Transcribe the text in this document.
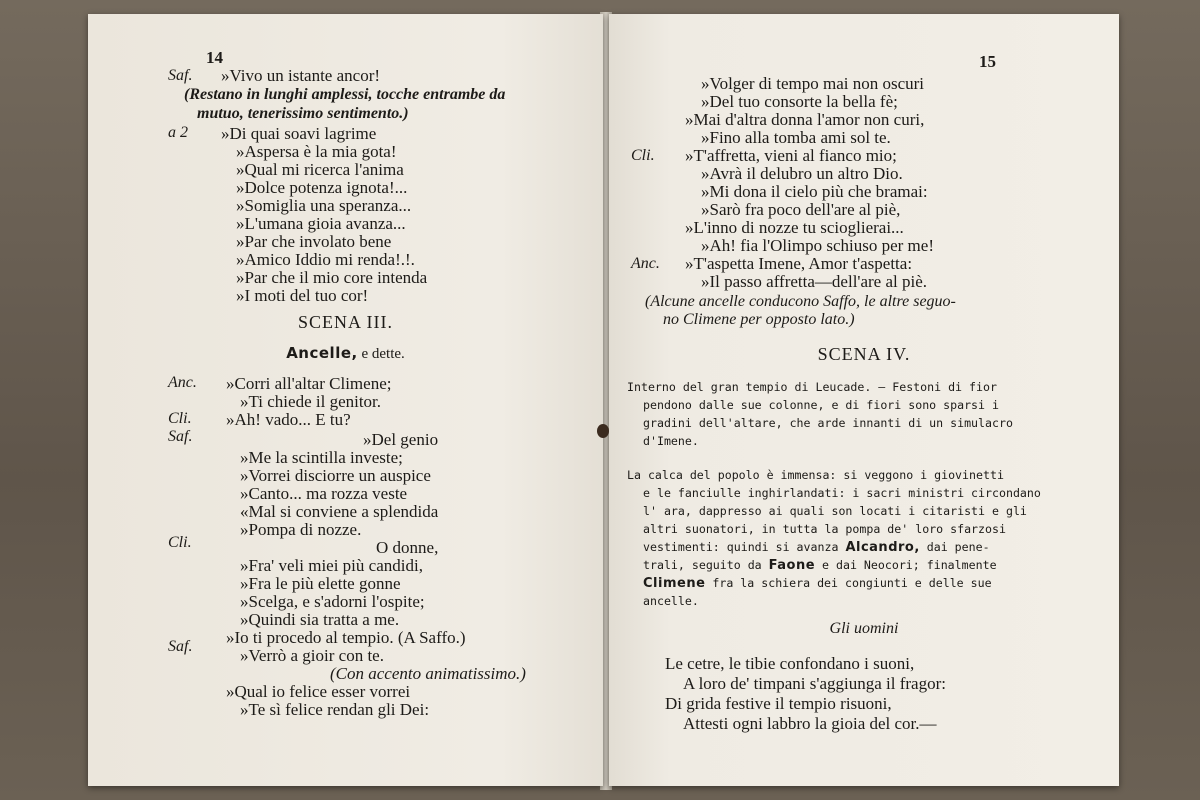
14
Saf. »Vivo un istante ancor!
(Restano in lunghi amplessi, tocche entrambe da
mutuo, tenerissimo sentimento.)
a 2 »Di quai soavi lagrime
»Aspersa è la mia gota!
»Qual mi ricerca l'anima
»Dolce potenza ignota!...
»Somiglia una speranza...
»L'umana gioia avanza...
»Par che involato bene
»Amico Iddio mi renda!.!.
»Par che il mio core intenda
»I moti del tuo cor!
SCENA III.
Ancelle, e dette.
Anc. »Corri all'altar Climene;
»Ti chiede il genitor.
Cli. »Ah! vado... E tu?
Saf.	»Del genio
»Me la scintilla investe;
»Vorrei disciorre un auspice
»Canto... ma rozza veste
«Mal si conviene a splendida
»Pompa di nozze.
Cli.	O donne,
»Fra' veli miei più candidi,
»Fra le più elette gonne
»Scelga, e s'adorni l'ospite;
»Quindi sia tratta a me.
»Io ti procedo al tempio. (A Saffo.)
Saf.	»Verrò a gioir con te.
(Con accento animatissimo.)
»Qual io felice esser vorrei
»Te sì felice rendan gli Dei:
15
»Volger di tempo mai non oscuri
»Del tuo consorte la bella fè;
»Mai d'altra donna l'amor non curi,
»Fino alla tomba ami sol te.
Cli. »T'affretta, vieni al fianco mio;
»Avrà il delubro un altro Dio.
»Mi dona il cielo più che bramai:
»Sarò fra poco dell'are al piè,
»L'inno di nozze tu scioglierai...
»Ah! fia l'Olimpo schiuso per me!
Anc. »T'aspetta Imene, Amor t'aspetta:
»Il passo affretta—dell'are al piè.
(Alcune ancelle conducono Saffo, le altre seguo-
no Climene per opposto lato.)
SCENA IV.
Interno del gran tempio di Leucade. — Festoni di fior
pendono dalle sue colonne, e di fiori sono sparsi i
gradini dell'altare, che arde innanti di un simulacro
d'Imene.
La calca del popolo è immensa: si veggono i giovinetti
e le fanciulle inghirlandati: i sacri ministri circondano
l' ara, dappresso ai quali son locati i citaristi e gli
altri suonatori, in tutta la pompa de' loro sfarzosi
vestimenti: quindi si avanza Alcandro, dai pene-
trali, seguito da Faone e dai Neocori; finalmente
Climene fra la schiera dei congiunti e delle sue
ancelle.
Gli uomini
Le cetre, le tibie confondano i suoni,
A loro de' timpani s'aggiunga il fragor:
Di grida festive il tempio risuoni,
Attesti ogni labbro la gioia del cor.—
